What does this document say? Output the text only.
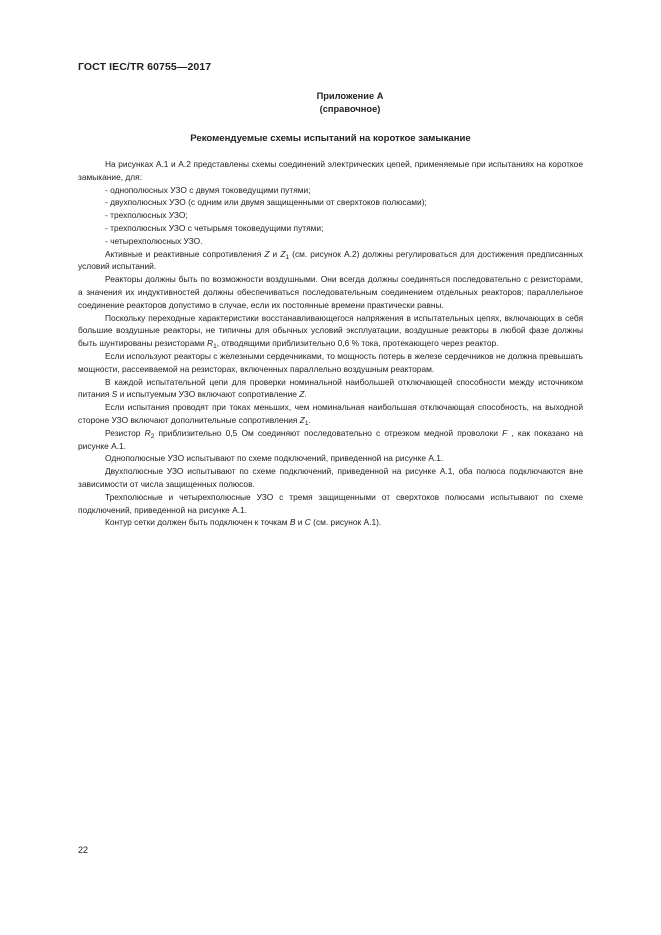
ГОСТ IEC/TR 60755—2017
Приложение А
(справочное)
Рекомендуемые схемы испытаний на короткое замыкание

На рисунках А.1 и А.2 представлены схемы соединений электрических цепей, применяемые при испытаниях на короткое замыкание, для:

- однополюсных УЗО с двумя токоведущими путями;
- двухполюсных УЗО (с одним или двумя защищенными от сверхтоков полюсами);
- трехполюсных УЗО;
- трехполюсных УЗО с четырьмя токоведущими путями;
- четырехполюсных УЗО.

Активные и реактивные сопротивления Z и $Z_1$ (см. рисунок А.2) должны регулироваться для достижения предписанных условий испытаний.

Реакторы должны быть по возможности воздушными. Они всегда должны соединяться последовательно с резисторами, а значения их индуктивностей должны обеспечиваться последовательным соединением отдельных реакторов; параллельное соединение реакторов допустимо в случае, если их постоянные времени практически равны.

Поскольку переходные характеристики восстанавливающегося напряжения в испытательных цепях, включающих в себя большие воздушные реакторы, не типичны для обычных условий эксплуатации, воздушные реакторы в любой фазе должны быть шунтированы резисторами $R_1$, отводящими приблизительно 0,6 % тока, протекающего через реактор.

Если используют реакторы с железными сердечниками, то мощность потерь в железе сердечников не должна превышать мощности, рассеиваемой на резисторах, включенных параллельно воздушным реакторам.

В каждой испытательной цепи для проверки номинальной наибольшей отключающей способности между источником питания S и испытуемым УЗО включают сопротивление Z.

Если испытания проводят при токах меньших, чем номинальная наибольшая отключающая способность, на выходной стороне УЗО включают дополнительные сопротивления $Z_1$.

Резистор $R_2$ приблизительно 0,5 Ом соединяют последовательно с отрезком медной проволоки F , как показано на рисунке А.1.

Однополюсные УЗО испытывают по схеме подключений, приведенной на рисунке А.1.

Двухполюсные УЗО испытывают по схеме подключений, приведенной на рисунке А.1, оба полюса подключаются вне зависимости от числа защищенных полюсов.

Трехполюсные и четырехполюсные УЗО с тремя защищенными от сверхтоков полюсами испытывают по схеме подключений, приведенной на рисунке А.1.

Контур сетки должен быть подключен к точкам B и C (см. рисунок А.1).

22
